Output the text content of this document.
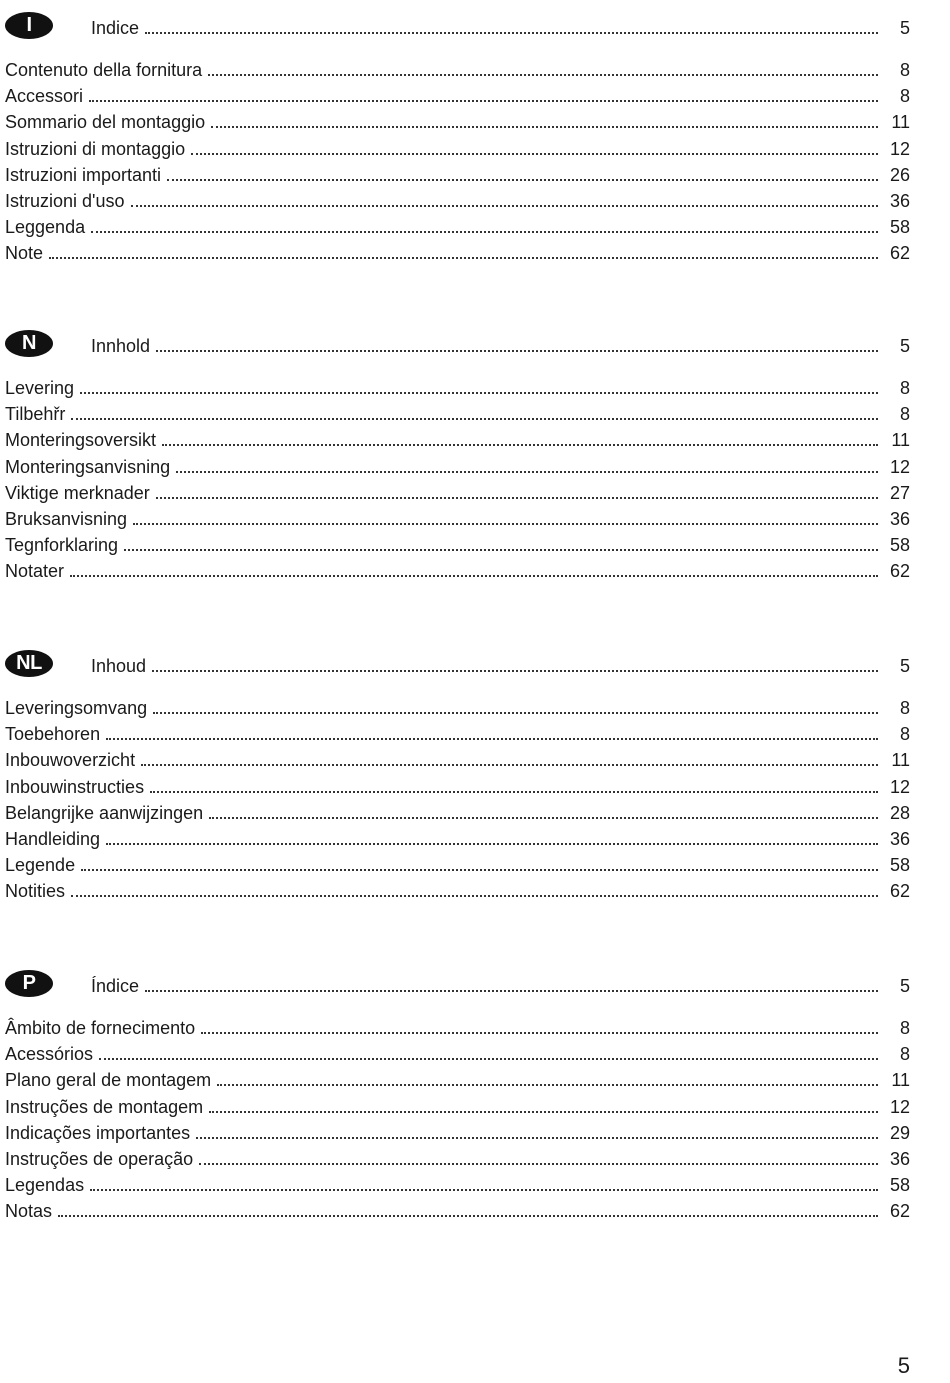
I	Indice	5
Contenuto della fornitura	8
Accessori	8
Sommario del montaggio	11
Istruzioni di montaggio	12
Istruzioni importanti	26
Istruzioni d'uso	36
Leggenda	58
Note	62
N	Innhold	5
Levering	8
Tilbehřr	8
Monteringsoversikt	11
Monteringsanvisning	12
Viktige merknader	27
Bruksanvisning	36
Tegnforklaring	58
Notater	62
NL	Inhoud	5
Leveringsomvang	8
Toebehoren	8
Inbouwoverzicht	11
Inbouwinstructies	12
Belangrijke aanwijzingen	28
Handleiding	36
Legende	58
Notities	62
P	Índice	5
Âmbito de fornecimento	8
Acessórios	8
Plano geral de montagem	11
Instruções de montagem	12
Indicações importantes	29
Instruções de operação	36
Legendas	58
Notas	62
5
